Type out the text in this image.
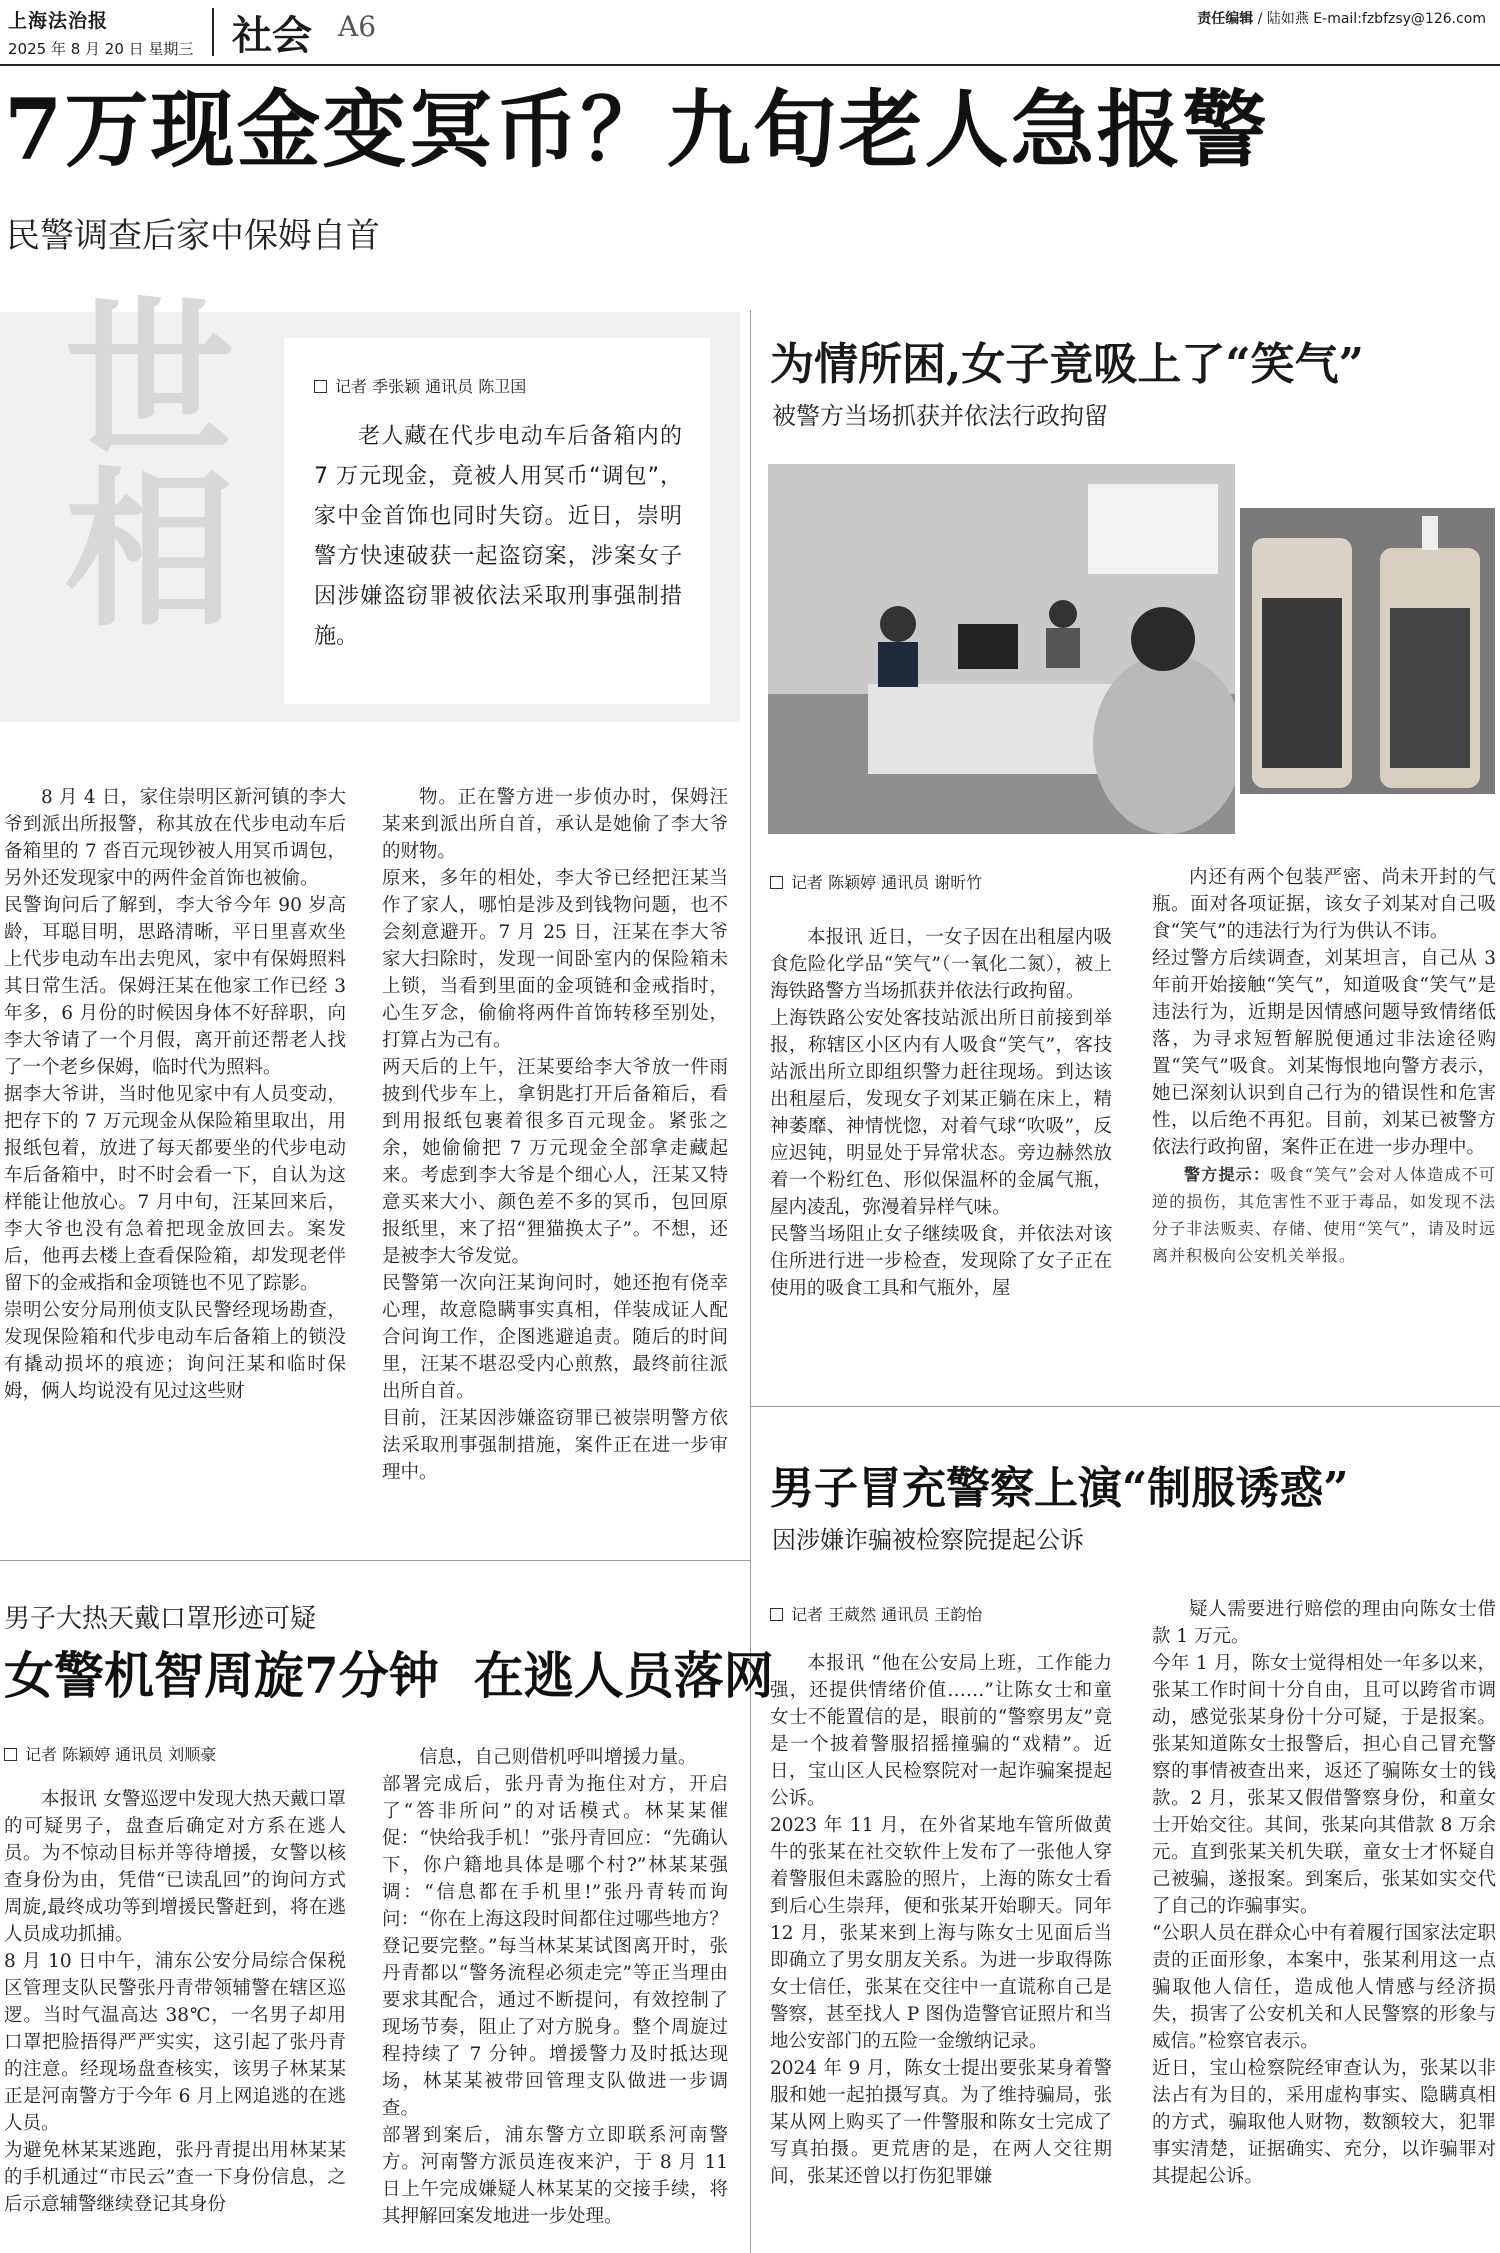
上海法治报
2025 年 8 月 20 日 星期三 社会 A6	责任编辑 / 陆如燕 E-mail:fzbfzsy@126.com
7万现金变冥币？九旬老人急报警
民警调查后家中保姆自首
世相	记者 季张颖 通讯员 陈卫国
老人藏在代步电动车后备箱内的 7 万元现金，竟被人用冥币“调包”，家中金首饰也同时失窃。近日，崇明警方快速破获一起盗窃案，涉案女子因涉嫌盗窃罪被依法采取刑事强制措施。
8 月 4 日，家住崇明区新河镇的李大爷到派出所报警，称其放在代步电动车后备箱里的 7 沓百元现钞被人用冥币调包，另外还发现家中的两件金首饰也被偷。
民警询问后了解到，李大爷今年 90 岁高龄，耳聪目明，思路清晰，平日里喜欢坐上代步电动车出去兜风，家中有保姆照料其日常生活。保姆汪某在他家工作已经 3 年多，6 月份的时候因身体不好辞职，向李大爷请了一个月假，离开前还帮老人找了一个老乡保姆，临时代为照料。
据李大爷讲，当时他见家中有人员变动，把存下的 7 万元现金从保险箱里取出，用报纸包着，放进了每天都要坐的代步电动车后备箱中，时不时会看一下，自认为这样能让他放心。7 月中旬，汪某回来后，李大爷也没有急着把现金放回去。案发后，他再去楼上查看保险箱，却发现老伴留下的金戒指和金项链也不见了踪影。
崇明公安分局刑侦支队民警经现场勘查，发现保险箱和代步电动车后备箱上的锁没有撬动损坏的痕迹；询问汪某和临时保姆，俩人均说没有见过这些财
物。正在警方进一步侦办时，保姆汪某来到派出所自首，承认是她偷了李大爷的财物。
原来，多年的相处，李大爷已经把汪某当作了家人，哪怕是涉及到钱物问题，也不会刻意避开。7 月 25 日，汪某在李大爷家大扫除时，发现一间卧室内的保险箱未上锁，当看到里面的金项链和金戒指时，心生歹念，偷偷将两件首饰转移至别处，打算占为己有。
两天后的上午，汪某要给李大爷放一件雨披到代步车上，拿钥匙打开后备箱后，看到用报纸包裹着很多百元现金。紧张之余，她偷偷把 7 万元现金全部拿走藏起来。考虑到李大爷是个细心人，汪某又特意买来大小、颜色差不多的冥币，包回原报纸里，来了招“狸猫换太子”。不想，还是被李大爷发觉。
民警第一次向汪某询问时，她还抱有侥幸心理，故意隐瞒事实真相，佯装成证人配合问询工作，企图逃避追责。随后的时间里，汪某不堪忍受内心煎熬，最终前往派出所自首。
目前，汪某因涉嫌盗窃罪已被崇明警方依法采取刑事强制措施，案件正在进一步审理中。
为情所困,女子竟吸上了“笑气”
被警方当场抓获并依法行政拘留
记者 陈颖婷 通讯员 谢昕竹
本报讯 近日，一女子因在出租屋内吸食危险化学品“笑气”（一氧化二氮），被上海铁路警方当场抓获并依法行政拘留。
上海铁路公安处客技站派出所日前接到举报，称辖区小区内有人吸食“笑气”，客技站派出所立即组织警力赶往现场。到达该出租屋后，发现女子刘某正躺在床上，精神萎靡、神情恍惚，对着气球“吹吸”，反应迟钝，明显处于异常状态。旁边赫然放着一个粉红色、形似保温杯的金属气瓶，屋内凌乱，弥漫着异样气味。
民警当场阻止女子继续吸食，并依法对该住所进行进一步检查，发现除了女子正在使用的吸食工具和气瓶外，屋
内还有两个包装严密、尚未开封的气瓶。面对各项证据，该女子刘某对自己吸食“笑气”的违法行为行为供认不讳。
经过警方后续调查，刘某坦言，自己从 3 年前开始接触“笑气”，知道吸食“笑气”是违法行为，近期是因情感问题导致情绪低落，为寻求短暂解脱便通过非法途径购置“笑气”吸食。刘某悔恨地向警方表示，她已深刻认识到自己行为的错误性和危害性，以后绝不再犯。目前，刘某已被警方依法行政拘留，案件正在进一步办理中。
警方提示：吸食“笑气”会对人体造成不可逆的损伤，其危害性不亚于毒品，如发现不法分子非法贩卖、存储、使用“笑气”，请及时远离并积极向公安机关举报。
男子大热天戴口罩形迹可疑
女警机智周旋7分钟  在逃人员落网
记者 陈颖婷 通讯员 刘顺豪
本报讯 女警巡逻中发现大热天戴口罩的可疑男子，盘查后确定对方系在逃人员。为不惊动目标并等待增援，女警以核查身份为由，凭借“已读乱回”的询问方式周旋,最终成功等到增援民警赶到，将在逃人员成功抓捕。
8 月 10 日中午，浦东公安分局综合保税区管理支队民警张丹青带领辅警在辖区巡逻。当时气温高达 38℃，一名男子却用口罩把脸捂得严严实实，这引起了张丹青的注意。经现场盘查核实，该男子林某某正是河南警方于今年 6 月上网追逃的在逃人员。
为避免林某某逃跑，张丹青提出用林某某的手机通过“市民云”查一下身份信息，之后示意辅警继续登记其身份
信息，自己则借机呼叫增援力量。
部署完成后，张丹青为拖住对方，开启了“答非所问”的对话模式。林某某催促：“快给我手机！”张丹青回应：“先确认下，你户籍地具体是哪个村?”林某某强调：“信息都在手机里!”张丹青转而询问：“你在上海这段时间都住过哪些地方？登记要完整。”每当林某某试图离开时，张丹青都以“警务流程必须走完”等正当理由要求其配合，通过不断提问，有效控制了现场节奏，阻止了对方脱身。整个周旋过程持续了 7 分钟。增援警力及时抵达现场，林某某被带回管理支队做进一步调查。
部署到案后，浦东警方立即联系河南警方。河南警方派员连夜来沪，于 8 月 11 日上午完成嫌疑人林某某的交接手续，将其押解回案发地进一步处理。
男子冒充警察上演“制服诱惑”
因涉嫌诈骗被检察院提起公诉
记者 王葳然 通讯员 王韵怡
本报讯 “他在公安局上班，工作能力强，还提供情绪价值……”让陈女士和童女士不能置信的是，眼前的“警察男友”竟是一个披着警服招摇撞骗的“戏精”。近日，宝山区人民检察院对一起诈骗案提起公诉。
2023 年 11 月，在外省某地车管所做黄牛的张某在社交软件上发布了一张他人穿着警服但未露脸的照片，上海的陈女士看到后心生崇拜，便和张某开始聊天。同年 12 月，张某来到上海与陈女士见面后当即确立了男女朋友关系。为进一步取得陈女士信任，张某在交往中一直谎称自己是警察，甚至找人 P 图伪造警官证照片和当地公安部门的五险一金缴纳记录。
2024 年 9 月，陈女士提出要张某身着警服和她一起拍摄写真。为了维持骗局，张某从网上购买了一件警服和陈女士完成了写真拍摄。更荒唐的是，在两人交往期间，张某还曾以打伤犯罪嫌
疑人需要进行赔偿的理由向陈女士借款 1 万元。
今年 1 月，陈女士觉得相处一年多以来，张某工作时间十分自由，且可以跨省市调动，感觉张某身份十分可疑，于是报案。张某知道陈女士报警后，担心自己冒充警察的事情被查出来，返还了骗陈女士的钱款。2 月，张某又假借警察身份，和童女士开始交往。其间，张某向其借款 8 万余元。直到张某关机失联，童女士才怀疑自己被骗，遂报案。到案后，张某如实交代了自己的诈骗事实。
“公职人员在群众心中有着履行国家法定职责的正面形象，本案中，张某利用这一点骗取他人信任，造成他人情感与经济损失，损害了公安机关和人民警察的形象与威信。”检察官表示。
近日，宝山检察院经审查认为，张某以非法占有为目的，采用虚构事实、隐瞒真相的方式，骗取他人财物，数额较大，犯罪事实清楚，证据确实、充分，以诈骗罪对其提起公诉。
